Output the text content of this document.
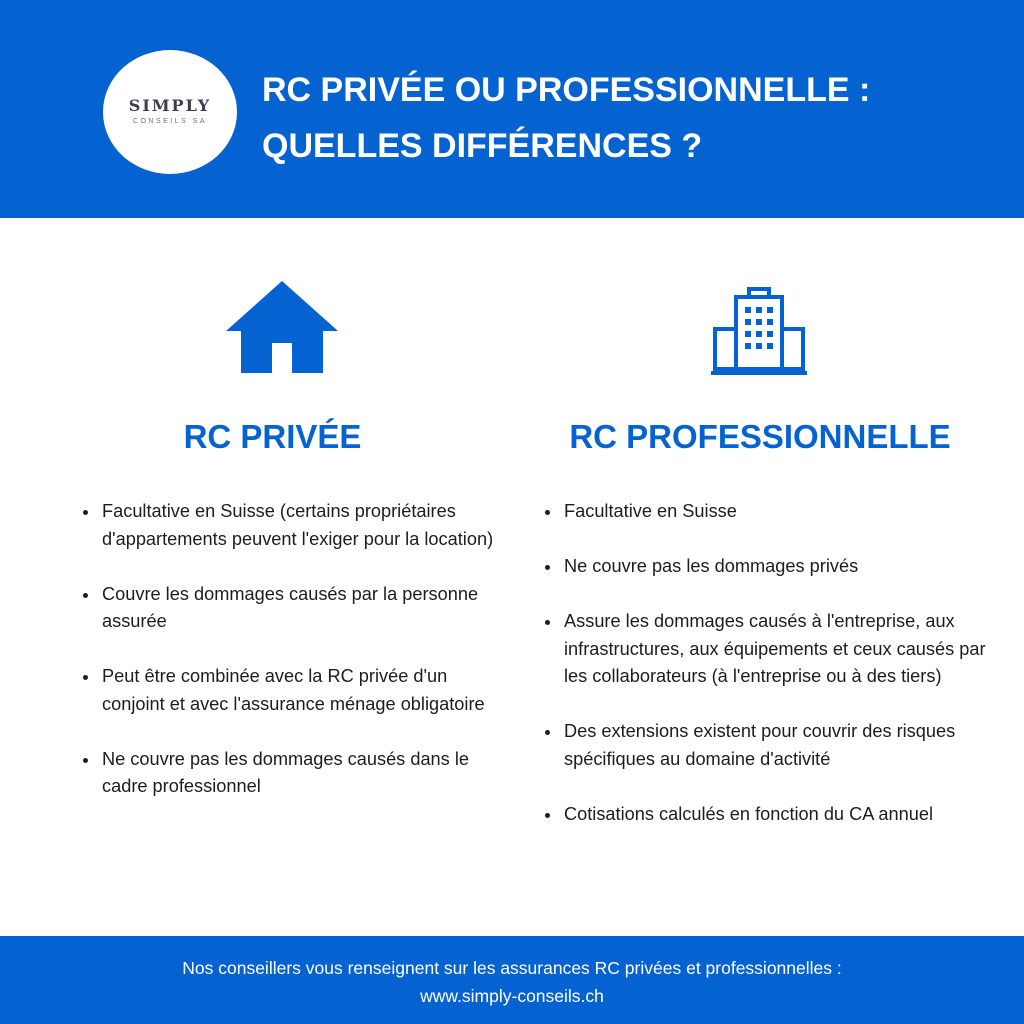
SIMPLY
CONSEILS SA
RC PRIVÉE OU PROFESSIONNELLE :
QUELLES DIFFÉRENCES ?
RC PRIVÉE	RC PROFESSIONNELLE
• Facultative en Suisse (certains propriétaires d'appartements peuvent l'exiger pour la location)
• Couvre les dommages causés par la personne assurée
• Peut être combinée avec la RC privée d'un conjoint et avec l'assurance ménage obligatoire
• Ne couvre pas les dommages causés dans le cadre professionnel
• Facultative en Suisse
• Ne couvre pas les dommages privés
• Assure les dommages causés à l'entreprise, aux infrastructures, aux équipements et ceux causés par les collaborateurs (à l'entreprise ou à des tiers)
• Des extensions existent pour couvrir des risques spécifiques au domaine d'activité
• Cotisations calculés en fonction du CA annuel
Nos conseillers vous renseignent sur les assurances RC privées et professionnelles :
www.simply-conseils.ch
